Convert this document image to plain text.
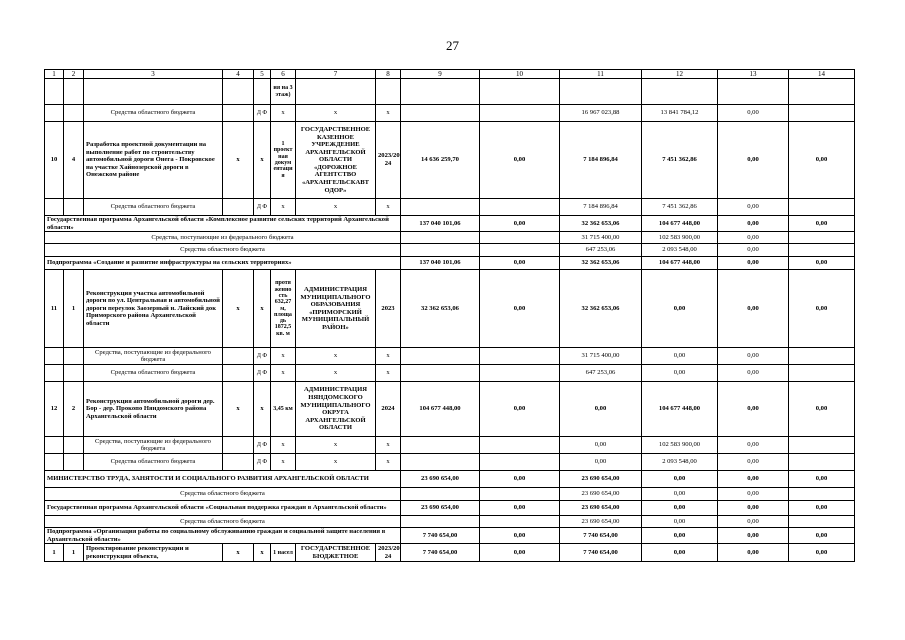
27
1	2	3	4	5	6	7	8	9	10	11	12	13	14
					ия на 3 этаж)								
		Средства областного бюджета		Д Ф	x	x	x			16 967 023,88	13 841 784,12	0,00	
10	4	Разработка проектной документации на выполнение работ по строительству автомобильной дороги Онега - Покровское на участке Хайнозерской дороги в Онежском районе	x	x	1 проект ная докум ентаци я	ГОСУДАРСТВЕННОЕ КАЗЕННОЕ УЧРЕЖДЕНИЕ АРХАНГЕЛЬСКОЙ ОБЛАСТИ «ДОРОЖНОЕ АГЕНТСТВО «АРХАНГЕЛЬСКАВТ ОДОР»	2023/20 24	14 636 259,70	0,00	7 184 896,84	7 451 362,86	0,00	0,00
		Средства областного бюджета		Д Ф	x	x	x			7 184 896,84	7 451 362,86	0,00	
Государственная программа Архангельской области «Комплексное развитие сельских территорий Архангельской области»								137 040 101,06	0,00	32 362 653,06	104 677 448,00	0,00	0,00
Средства, поступающие из федерального бюджета										31 715 400,00	102 583 900,00	0,00	
Средства областного бюджета										647 253,06	2 093 548,00	0,00	
Подпрограмма «Создание и развитие инфраструктуры на сельских территориях»								137 040 101,06	0,00	32 362 653,06	104 677 448,00	0,00	0,00
11	1	Реконструкция участка автомобильной дороги по ул. Центральная и автомобильной дороги переулок Заозерный н. Лайский док Приморского района Архангельской области	x	x	протя женно сть 632,27 м, площа дь 1872,5 кв. м	АДМИНИСТРАЦИЯ МУНИЦИПАЛЬНОГО ОБРАЗОВАНИЯ «ПРИМОРСКИЙ МУНИЦИПАЛЬНЫЙ РАЙОН»	2023	32 362 653,06	0,00	32 362 653,06	0,00	0,00	0,00
		Средства, поступающие из федерального бюджета		Д Ф	x	x	x			31 715 400,00	0,00	0,00	
		Средства областного бюджета		Д Ф	x	x	x			647 253,06	0,00	0,00	
12	2	Реконструкция автомобильной дороги дер. Бор - дер. Прокопо Няндомского района Архангельской области	x	x	3,45 км	АДМИНИСТРАЦИЯ НЯНДОМСКОГО МУНИЦИПАЛЬНОГО ОКРУГА АРХАНГЕЛЬСКОЙ ОБЛАСТИ	2024	104 677 448,00	0,00	0,00	104 677 448,00	0,00	0,00
		Средства, поступающие из федерального бюджета		Д Ф	x	x	x			0,00	102 583 900,00	0,00	
		Средства областного бюджета		Д Ф	x	x	x			0,00	2 093 548,00	0,00	
МИНИСТЕРСТВО ТРУДА, ЗАНЯТОСТИ И СОЦИАЛЬНОГО РАЗВИТИЯ АРХАНГЕЛЬСКОЙ ОБЛАСТИ								23 690 654,00	0,00	23 690 654,00	0,00	0,00	0,00
Средства областного бюджета										23 690 654,00	0,00	0,00	
Государственная программа Архангельской области «Социальная поддержка граждан в Архангельской области»								23 690 654,00	0,00	23 690 654,00	0,00	0,00	0,00
Средства областного бюджета										23 690 654,00	0,00	0,00	
Подпрограмма «Организация работы по социальному обслуживанию граждан и социальной защите населения в Архангельской области»								7 740 654,00	0,00	7 740 654,00	0,00	0,00	0,00
1	1	Проектирование реконструкции и реконструкция объекта,	x	x	1 насел	ГОСУДАРСТВЕННОЕ БЮДЖЕТНОЕ	2023/20 24	7 740 654,00	0,00	7 740 654,00	0,00	0,00	0,00
